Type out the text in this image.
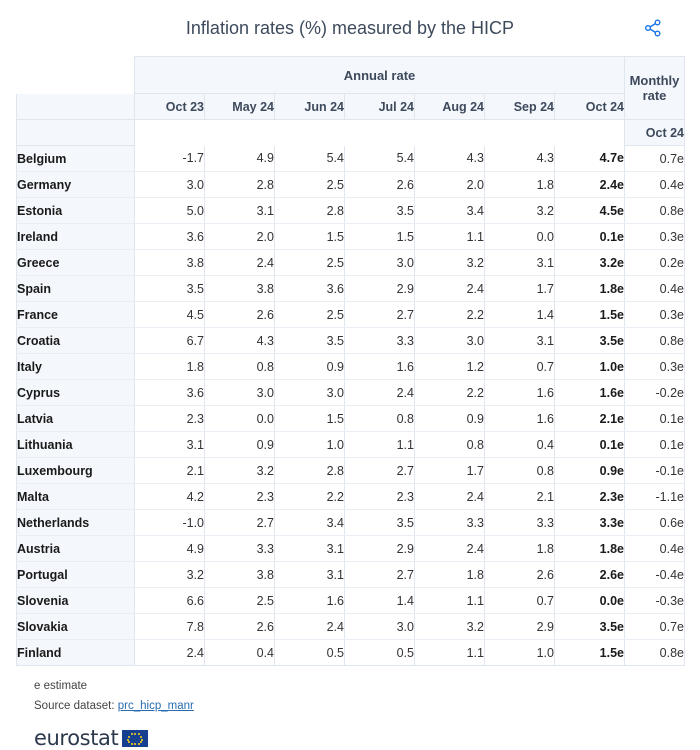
Inflation rates (%) measured by the HICP
	Annual rate							Monthly rate
	Oct 23	May 24	Jun 24	Jul 24	Aug 24	Sep 24	Oct 24	
								Oct 24
Belgium	-1.7	4.9	5.4	5.4	4.3	4.3	4.7e	0.7e
Germany	3.0	2.8	2.5	2.6	2.0	1.8	2.4e	0.4e
Estonia	5.0	3.1	2.8	3.5	3.4	3.2	4.5e	0.8e
Ireland	3.6	2.0	1.5	1.5	1.1	0.0	0.1e	0.3e
Greece	3.8	2.4	2.5	3.0	3.2	3.1	3.2e	0.2e
Spain	3.5	3.8	3.6	2.9	2.4	1.7	1.8e	0.4e
France	4.5	2.6	2.5	2.7	2.2	1.4	1.5e	0.3e
Croatia	6.7	4.3	3.5	3.3	3.0	3.1	3.5e	0.8e
Italy	1.8	0.8	0.9	1.6	1.2	0.7	1.0e	0.3e
Cyprus	3.6	3.0	3.0	2.4	2.2	1.6	1.6e	-0.2e
Latvia	2.3	0.0	1.5	0.8	0.9	1.6	2.1e	0.1e
Lithuania	3.1	0.9	1.0	1.1	0.8	0.4	0.1e	0.1e
Luxembourg	2.1	3.2	2.8	2.7	1.7	0.8	0.9e	-0.1e
Malta	4.2	2.3	2.2	2.3	2.4	2.1	2.3e	-1.1e
Netherlands	-1.0	2.7	3.4	3.5	3.3	3.3	3.3e	0.6e
Austria	4.9	3.3	3.1	2.9	2.4	1.8	1.8e	0.4e
Portugal	3.2	3.8	3.1	2.7	1.8	2.6	2.6e	-0.4e
Slovenia	6.6	2.5	1.6	1.4	1.1	0.7	0.0e	-0.3e
Slovakia	7.8	2.6	2.4	3.0	3.2	2.9	3.5e	0.7e
Finland	2.4	0.4	0.5	0.5	1.1	1.0	1.5e	0.8e
e estimate
Source dataset: prc_hicp_manr
eurostat
